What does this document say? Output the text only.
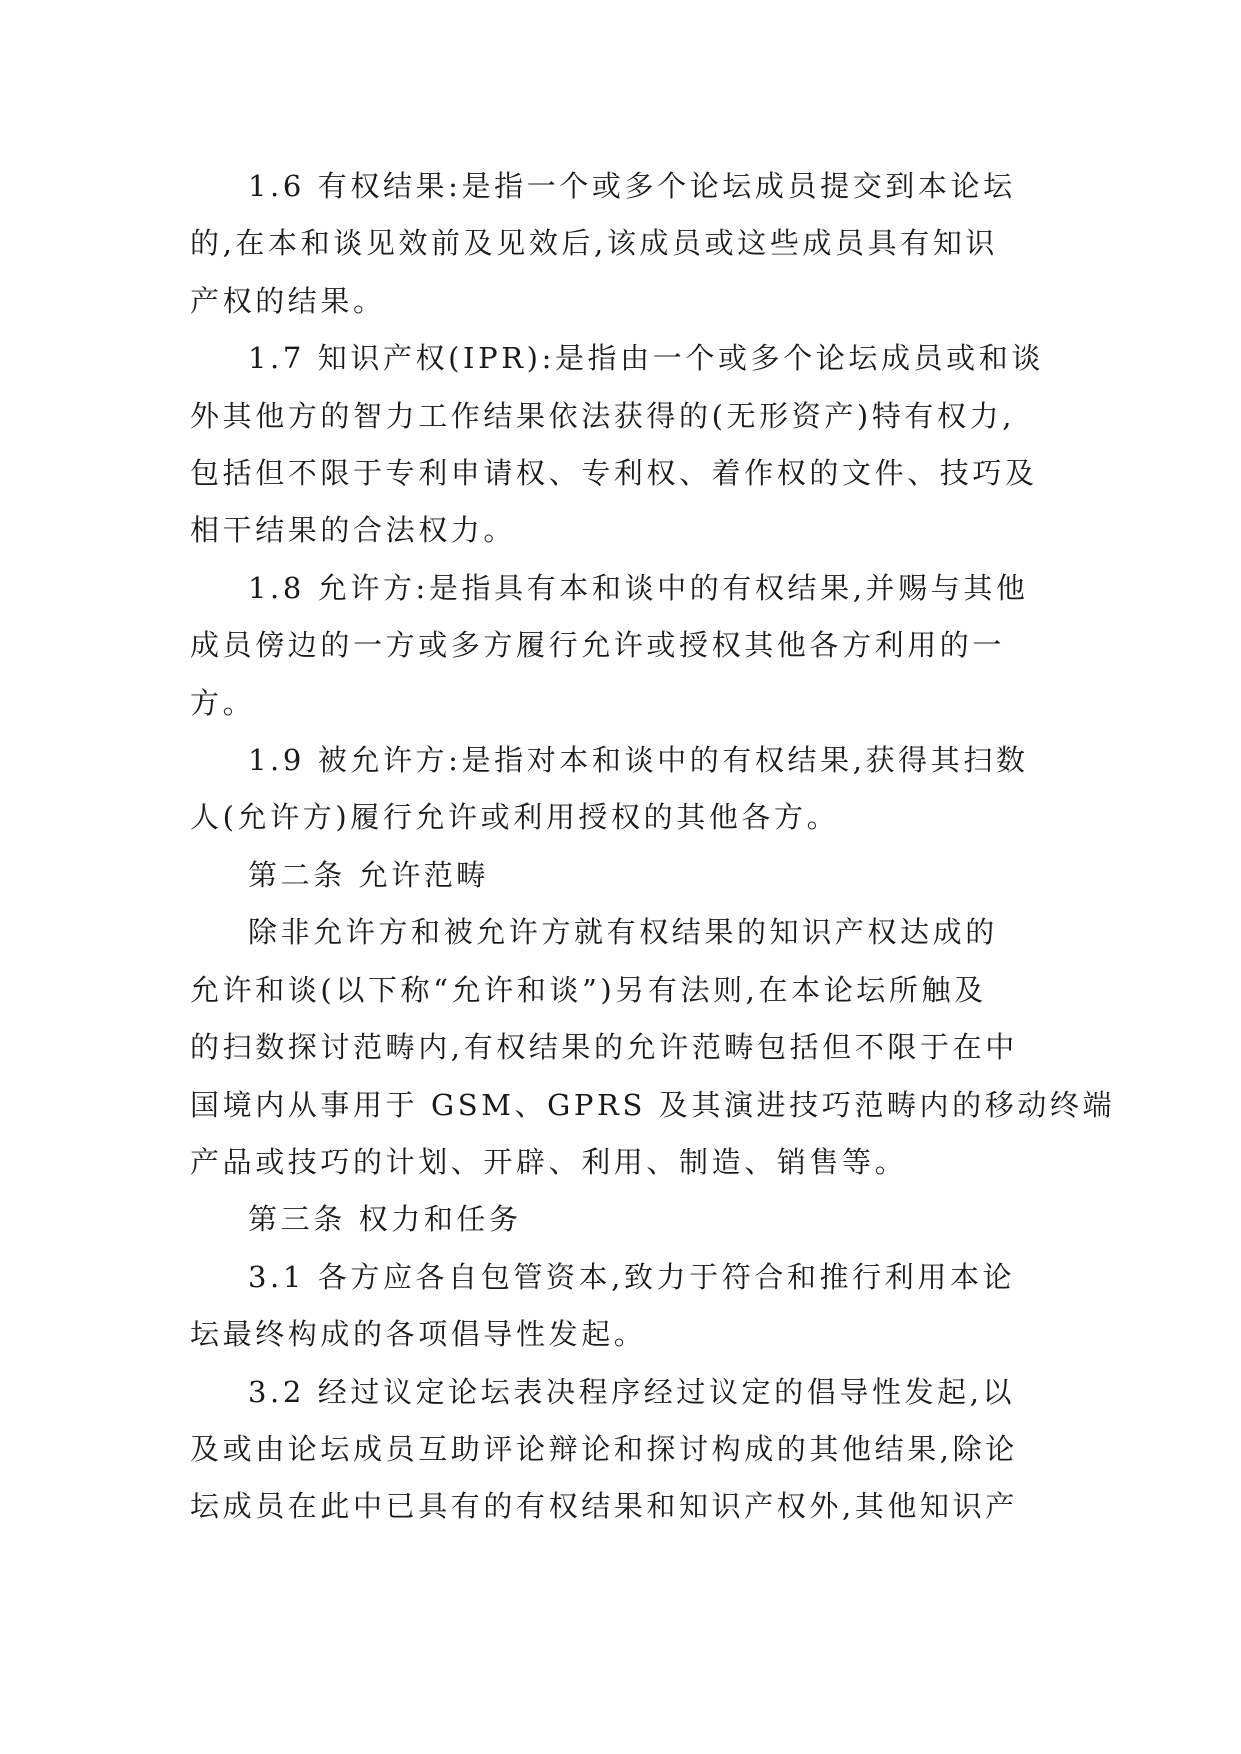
1.6 有权结果:是指一个或多个论坛成员提交到本论坛
的,在本和谈见效前及见效后,该成员或这些成员具有知识
产权的结果。
1.7 知识产权(IPR):是指由一个或多个论坛成员或和谈
外其他方的智力工作结果依法获得的(无形资产)特有权力,
包括但不限于专利申请权、专利权、着作权的文件、技巧及
相干结果的合法权力。
1.8 允许方:是指具有本和谈中的有权结果,并赐与其他
成员傍边的一方或多方履行允许或授权其他各方利用的一
方。
1.9 被允许方:是指对本和谈中的有权结果,获得其扫数
人(允许方)履行允许或利用授权的其他各方。
第二条 允许范畴
除非允许方和被允许方就有权结果的知识产权达成的
允许和谈(以下称“允许和谈”)另有法则,在本论坛所触及
的扫数探讨范畴内,有权结果的允许范畴包括但不限于在中
国境内从事用于 GSM、GPRS 及其演进技巧范畴内的移动终端
产品或技巧的计划、开辟、利用、制造、销售等。
第三条 权力和任务
3.1 各方应各自包管资本,致力于符合和推行利用本论
坛最终构成的各项倡导性发起。
3.2 经过议定论坛表决程序经过议定的倡导性发起,以
及或由论坛成员互助评论辩论和探讨构成的其他结果,除论
坛成员在此中已具有的有权结果和知识产权外,其他知识产
